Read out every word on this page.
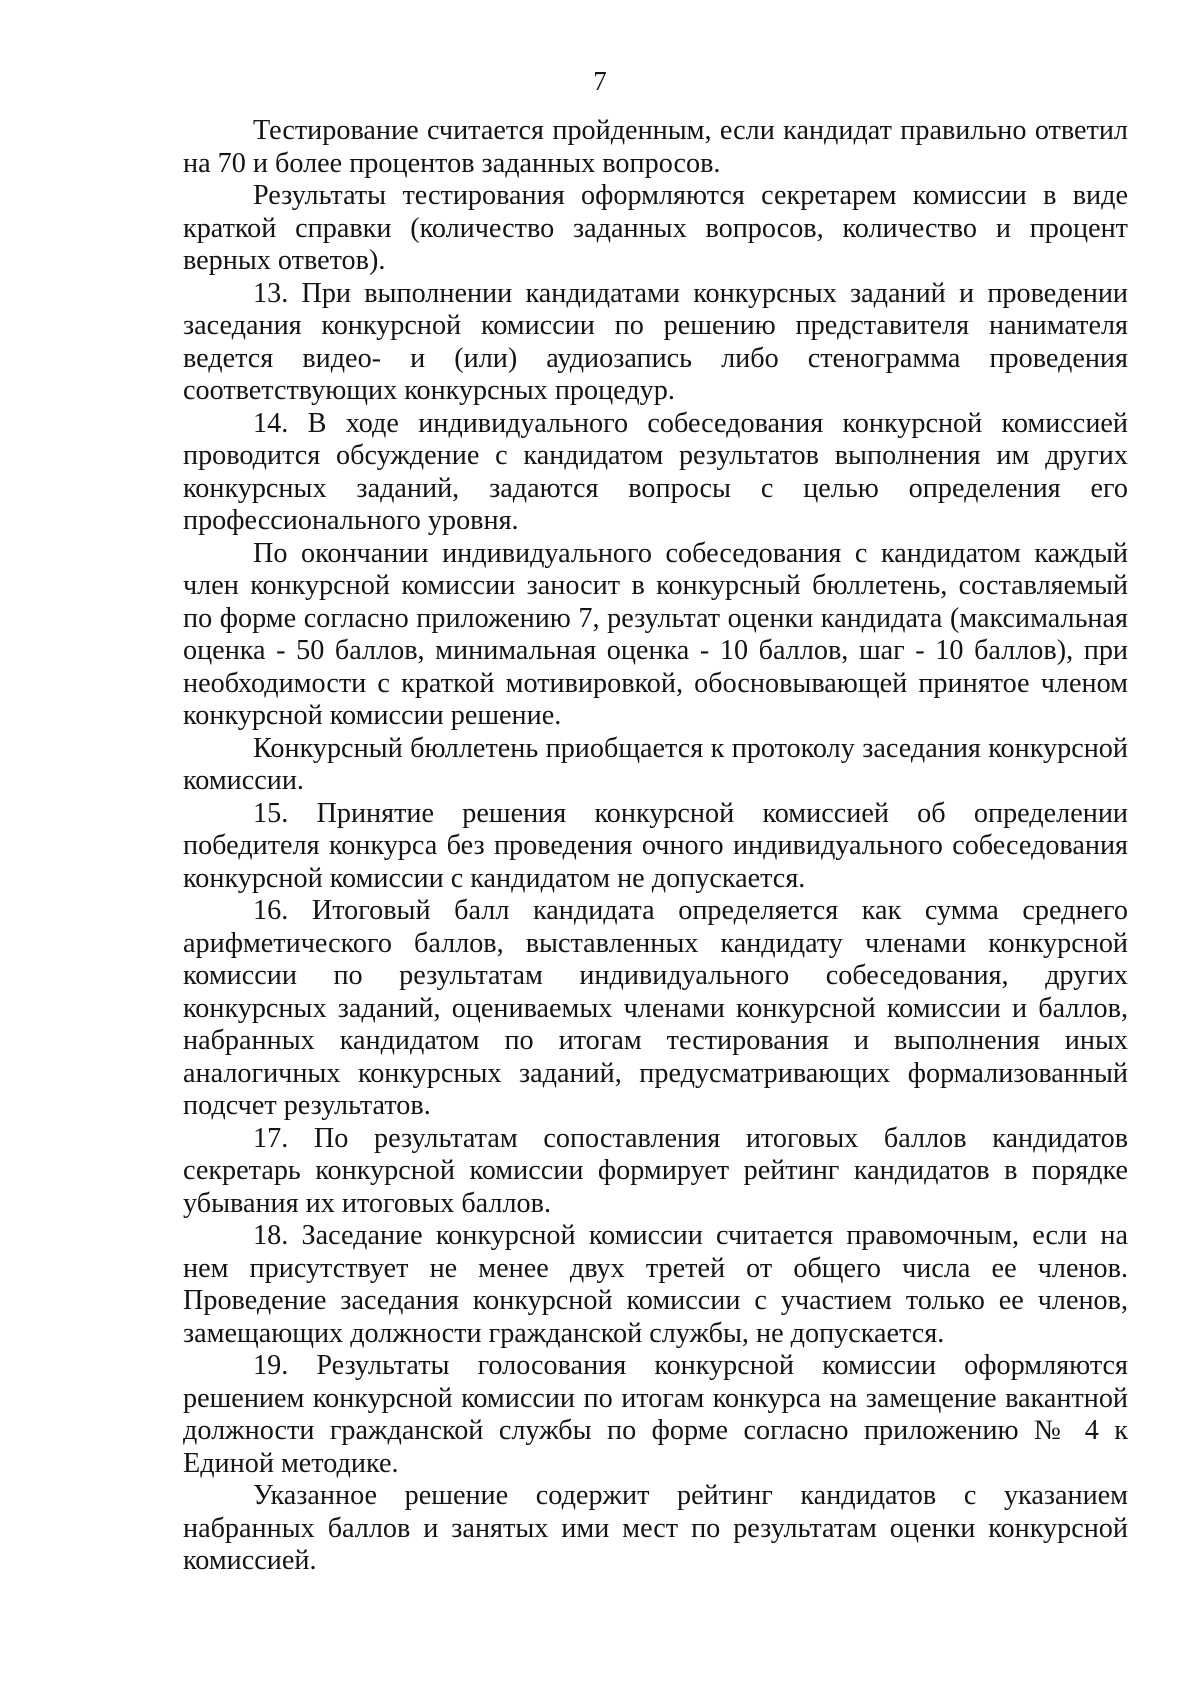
7

Тестирование считается пройденным, если кандидат правильно ответил на 70 и более процентов заданных вопросов.

Результаты тестирования оформляются секретарем комиссии в виде краткой справки (количество заданных вопросов, количество и процент верных ответов).

13. При выполнении кандидатами конкурсных заданий и проведении заседания конкурсной комиссии по решению представителя нанимателя ведется видео- и (или) аудиозапись либо стенограмма проведения соответствующих конкурсных процедур.

14. В ходе индивидуального собеседования конкурсной комиссией проводится обсуждение с кандидатом результатов выполнения им других конкурсных заданий, задаются вопросы с целью определения его профессионального уровня.

По окончании индивидуального собеседования с кандидатом каждый член конкурсной комиссии заносит в конкурсный бюллетень, составляемый по форме согласно приложению 7, результат оценки кандидата (максимальная оценка - 50 баллов, минимальная оценка - 10 баллов, шаг - 10 баллов), при необходимости с краткой мотивировкой, обосновывающей принятое членом конкурсной комиссии решение.

Конкурсный бюллетень приобщается к протоколу заседания конкурсной комиссии.

15. Принятие решения конкурсной комиссией об определении победителя конкурса без проведения очного индивидуального собеседования конкурсной комиссии с кандидатом не допускается.

16. Итоговый балл кандидата определяется как сумма среднего арифметического баллов, выставленных кандидату членами конкурсной комиссии по результатам индивидуального собеседования, других конкурсных заданий, оцениваемых членами конкурсной комиссии и баллов, набранных кандидатом по итогам тестирования и выполнения иных аналогичных конкурсных заданий, предусматривающих формализованный подсчет результатов.

17. По результатам сопоставления итоговых баллов кандидатов секретарь конкурсной комиссии формирует рейтинг кандидатов в порядке убывания их итоговых баллов.

18. Заседание конкурсной комиссии считается правомочным, если на нем присутствует не менее двух третей от общего числа ее членов. Проведение заседания конкурсной комиссии с участием только ее членов, замещающих должности гражданской службы, не допускается.

19. Результаты голосования конкурсной комиссии оформляются решением конкурсной комиссии по итогам конкурса на замещение вакантной должности гражданской службы по форме согласно приложению № 4 к Единой методике.

Указанное решение содержит рейтинг кандидатов с указанием набранных баллов и занятых ими мест по результатам оценки конкурсной комиссией.
